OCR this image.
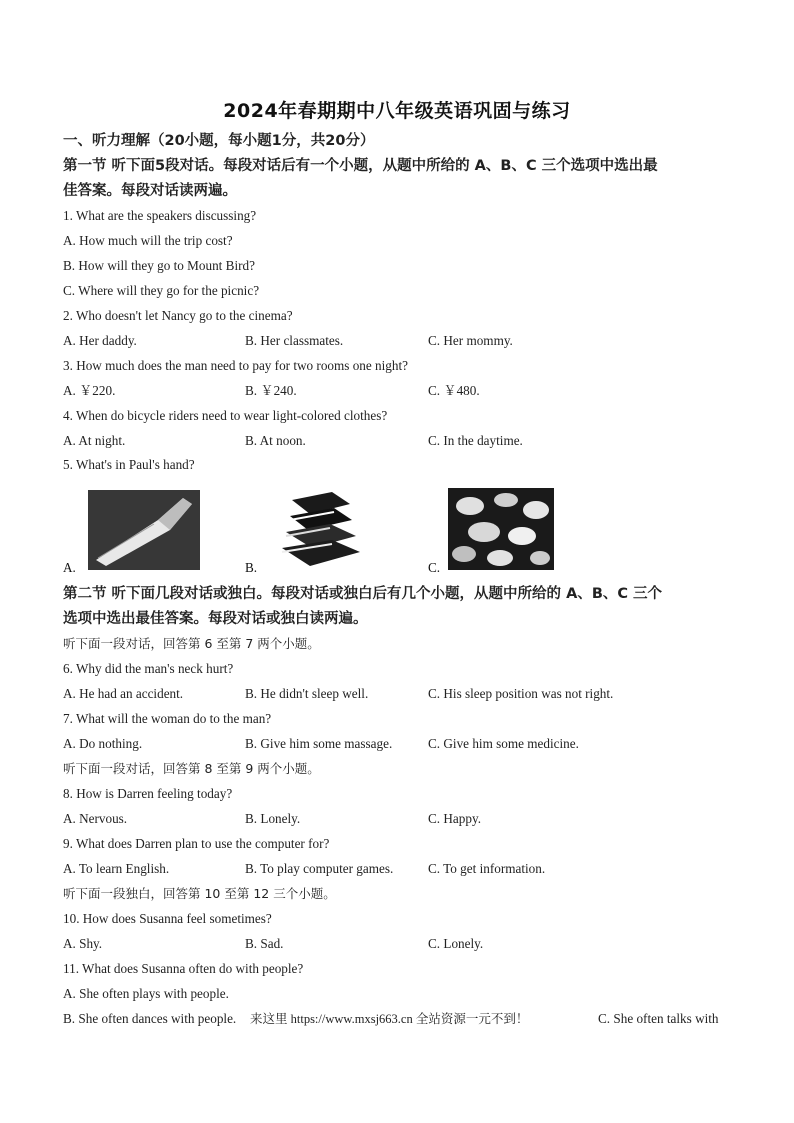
2024年春期期中八年级英语巩固与练习
一、听力理解（20小题，每小题1分，共20分）
第一节 听下面5段对话。每段对话后有一个小题，从题中所给的 A、B、C 三个选项中选出最
佳答案。每段对话读两遍。
1. What are the speakers discussing?
A. How much will the trip cost?
B. How will they go to Mount Bird?
C. Where will they go for the picnic?
2. Who doesn't let Nancy go to the cinema?
A. Her daddy.	B. Her classmates.	C. Her mommy.
3. How much does the man need to pay for two rooms one night?
A. ￥220.	B. ￥240.	C. ￥480.
4. When do bicycle riders need to wear light-colored clothes?
A. At night.	B. At noon.	C. In the daytime.
5. What's in Paul's hand?
A.	B.	C.
第二节 听下面几段对话或独白。每段对话或独白后有几个小题，从题中所给的 A、B、C 三个
选项中选出最佳答案。每段对话或独白读两遍。
听下面一段对话，回答第 6 至第 7 两个小题。
6. Why did the man's neck hurt?
A. He had an accident.	B. He didn't sleep well.	C. His sleep position was not right.
7. What will the woman do to the man?
A. Do nothing.	B. Give him some massage.	C. Give him some medicine.
听下面一段对话，回答第 8 至第 9 两个小题。
8. How is Darren feeling today?
A. Nervous.	B. Lonely.	C. Happy.
9. What does Darren plan to use the computer for?
A. To learn English.	B. To play computer games.	C. To get information.
听下面一段独白，回答第 10 至第 12 三个小题。
10. How does Susanna feel sometimes?
A. Shy.	B. Sad.	C. Lonely.
11. What does Susanna often do with people?
A. She often plays with people.
B. She often dances with people. 来这里 https://www.mxsj663.cn 全站资源一元不到！	C. She often talks with
